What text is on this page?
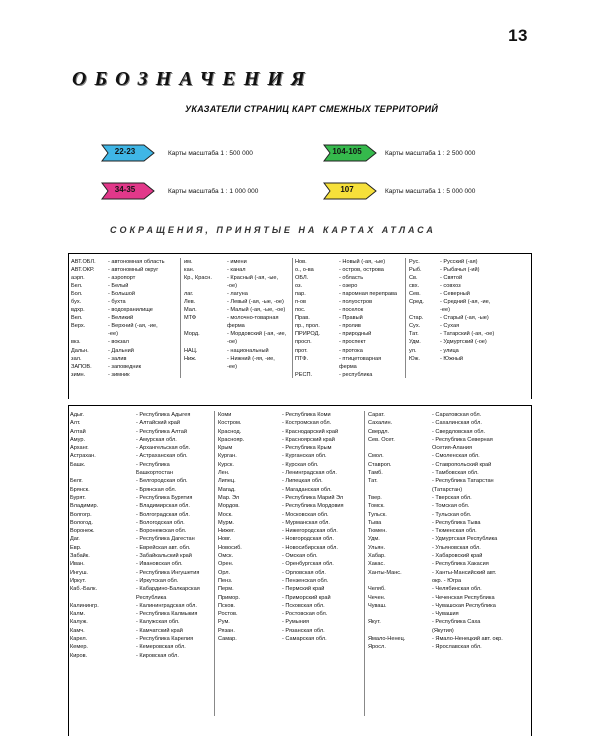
13
ОБОЗНАЧЕНИЯ
УКАЗАТЕЛИ СТРАНИЦ КАРТ СМЕЖНЫХ ТЕРРИТОРИЙ
22-23	Карты масштаба 1 : 500 000	104-105	Карты масштаба 1 : 2 500 000
34-35	Карты масштаба 1 : 1 000 000	107	Карты масштаба 1 : 5 000 000
СОКРАЩЕНИЯ, ПРИНЯТЫЕ НА КАРТАХ АТЛАСА
АВТ.ОБЛ.	- автономная область
АВТ.ОКР.	- автономный округ
аэрп.	- аэропорт
Бел.	- Белый
Бол.	- Большой
бух.	- бухта
вдхр.	- водохранилище
Вел.	- Великий
Верх.	- Верхний (-ая, -ие,
-ее)
вкз.	- вокзал
Дальн.	- Дальний
зал.	- залив
ЗАПОВ.	- заповедник
зимн.	- зимник
им.	- имени
кан.	- канал
Кр., Красн.	- Красный (-ая, -ые,
-ое)
лаг.	- лагуна
Лев.	- Левый (-ая, -ые, -ое)
Мал.	- Малый (-ая, -ые, -ое)
МТФ	- молочно-товарная
ферма
Морд.	- Мордовский (-ая, -ие,
-ое)
НАЦ.	- национальный
Ниж.	- Нижний (-яя, -ие,
-ее)
Нов.	- Новый (-ая, -ые)
о., о-ва	- остров, острова
ОБЛ.	- область
оз.	- озеро
пар.	- паромная переправа
п-ов	- полуостров
пос.	- поселок
Прав.	- Правый
пр., прол.	- пролив
ПРИРОД.	- природный
просп.	- проспект
прот.	- протока
ПТФ.	- птицетоварная
ферма
РЕСП.	- республика
Рус.	- Русский (-ая)
Рыб.	- Рыбачья (-ий)
Св.	- Святой
свх.	- совхоз
Сев.	- Северный
Сред.	- Средний (-ая, -ие,
-ее)
Стар.	- Старый (-ая, -ые)
Сух.	- Сухая
Тат.	- Татарский (-ая, -ое)
Удм.	- Удмуртский (-ое)
ул.	- улица
Юж.	- Южный
Адыг.	- Республика Адыгея
Алт.	- Алтайский край
Алтай	- Республика Алтай
Амур.	- Амурская обл.
Арханг.	- Архангельская обл.
Астрахан.	- Астраханская обл.
Башк.	- Республика
Башкортостан
Белг.	- Белгородская обл.
Брянск.	- Брянская обл.
Бурят.	- Республика Бурятия
Владимир.	- Владимирская обл.
Волгогр.	- Волгоградская обл.
Вологод.	- Вологодская обл.
Воронеж.	- Воронежская обл.
Даг.	- Республика Дагестан
Евр.	- Еврейская авт. обл.
Забайк.	- Забайкальский край
Иван.	- Ивановская обл.
Ингуш.	- Республика Ингушетия
Иркут.	- Иркутская обл.
Каб.-Балк.	- Кабардино-Балкарская
Республика
Калинингр.	- Калининградская обл.
Калм.	- Республика Калмыкия
Калуж.	- Калужская обл.
Камч.	- Камчатский край
Карел.	- Республика Карелия
Кемер.	- Кемеровская обл.
Киров.	- Кировская обл.
Коми	- Республика Коми
Костром.	- Костромская обл.
Краснод.	- Краснодарский край
Краснояр.	- Красноярский край
Крым	- Республика Крым
Курган.	- Курганская обл.
Курск.	- Курская обл.
Лен.	- Ленинградская обл.
Липец.	- Липецкая обл.
Магад.	- Магаданская обл.
Мар. Эл	- Республика Марий Эл
Мордов.	- Республика Мордовия
Моск.	- Московская обл.
Мурм.	- Мурманская обл.
Нижег.	- Нижегородская обл.
Новг.	- Новгородская обл.
Новосиб.	- Новосибирская обл.
Омск.	- Омская обл.
Орен.	- Оренбургская обл.
Орл.	- Орловская обл.
Пенз.	- Пензенская обл.
Перм.	- Пермский край
Примор.	- Приморский край
Псков.	- Псковская обл.
Ростов.	- Ростовская обл.
Рум.	- Румыния
Рязан.	- Рязанская обл.
Самар.	- Самарская обл.
Сарат.	- Саратовская обл.
Сахалин.	- Сахалинская обл.
Свердл.	- Свердловская обл.
Сев. Осет.	- Республика Северная
Осетия-Алания
Смол.	- Смоленская обл.
Ставроп.	- Ставропольский край
Тамб.	- Тамбовская обл.
Тат.	- Республика Татарстан
(Татарстан)
Твер.	- Тверская обл.
Томск.	- Томская обл.
Тульск.	- Тульская обл.
Тыва	- Республика Тыва
Тюмен.	- Тюменская обл.
Удм.	- Удмуртская Республика
Ульян.	- Ульяновская обл.
Хабар.	- Хабаровский край
Хакас.	- Республика Хакасия
Ханты-Манс.	- Ханты-Мансийский авт.
окр. - Югра
Челяб.	- Челябинская обл.
Чечен.	- Чеченская Республика
Чуваш.	- Чувашская Республика
- Чувашия
Якут.	- Республика Саха
(Якутия)
Ямало-Ненец.	- Ямало-Ненецкий авт. окр.
Яросл.	- Ярославская обл.
